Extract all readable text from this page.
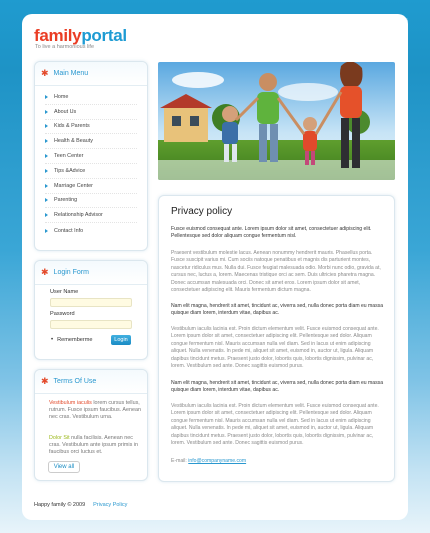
familyportal
To live a harmonious life
✱ Main Menu
Home
About Us
Kids & Parents
Health & Beauty
Teen Center
Tips &Advice
Marriage Center
Parenting
Relationship Advisor
Contact Info
✱ Login Form
User Name
Password
• Rememberme	Login
✱ Terms Of Use

Vestibulum iaculis lorem cursus tellus, rutrum. Fusce ipsum faucibus. Aenean nec cras. Vestibulum urna.

Dolor Sit nulla facilisis. Aenean nec cras. Vestibulum ante ipsum primis in faucibus orci luctus et.

View all
Privacy policy
Fusce euismod consequat ante. Lorem ipsum dolor sit amet, consectetuer adipiscing elit. Pellentesque sed dolor aliquam congue fermentum nisl.
Praesent vestibulum molestie lacus. Aenean nonummy hendrerit mauris. Phasellus porta. Fusce suscipit varius mi. Cum sociis natoque penatibus et magnis dis parturient montes, nascetur ridiculus mus. Nulla dui. Fusce feugiat malesuada odio. Morbi nunc odio, gravida at, cursus nec, luctus a, lorem. Maecenas tristique orci ac sem. Duis ultricies pharetra magna. Donec accumsan malesuada orci. Donec sit amet eros. Lorem ipsum dolor sit amet, consectetuer adipiscing elit. Mauris fermentum dictum magna.
Nam elit magna, hendrerit sit amet, tincidunt ac, viverra sed, nulla donec porta diam eu massa quisque diam lorem, interdum vitae, dapibus ac.
Vestibulum iaculis lacinia est. Proin dictum elementum velit. Fusce euismod consequat ante. Lorem ipsum dolor sit amet, consectetuer adipiscing elit. Pellentesque sed dolor. Aliquam congue fermentum nisl. Mauris accumsan nulla vel diam. Sed in lacus ut enim adipiscing aliquet. Nulla venenatis. In pede mi, aliquet sit amet, euismod in, auctor ut, ligula. Aliquam dapibus tincidunt metus. Praesent justo dolor, lobortis quis, lobortis dignissim, pulvinar ac, lorem. Vestibulum sed ante. Donec sagittis euismod purus.
Nam elit magna, hendrerit sit amet, tincidunt ac, viverra sed, nulla donec porta diam eu massa quisque diam lorem, interdum vitae, dapibus ac.
Vestibulum iaculis lacinia est. Proin dictum elementum velit. Fusce euismod consequat ante. Lorem ipsum dolor sit amet, consectetuer adipiscing elit. Pellentesque sed dolor. Aliquam congue fermentum nisl. Mauris accumsan nulla vel diam. Sed in lacus ut enim adipiscing aliquet. Nulla venenatis. In pede mi, aliquet sit amet, euismod in, auctor ut, ligula. Aliquam dapibus tincidunt metus. Praesent justo dolor, lobortis quis, lobortis dignissim, pulvinar ac, lorem. Vestibulum sed ante. Donec sagittis euismod purus.
E-mail: info@companyname.com
Happy family © 2009 Privacy Policy
